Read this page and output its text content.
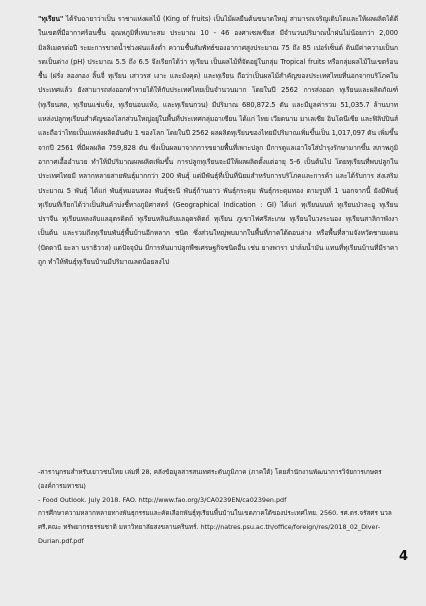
"ทุเรียน" ได้รับฉายาว่าเป็น ราชาแห่งผลไม้ (King of fruits) เป็นไม้ผลยืนต้นขนาดใหญ่ สามารถเจริญเติบโตและให้ผลผลิตได้ดีในเขตที่มีอากาศร้อนชื้น อุณหภูมิที่เหมาะสม ประมาณ 10 - 46 องศาเซลเซียส มีจำนวนปริมาณน้ำฝนไม่น้อยกว่า 2,000 มิลลิเมตรต่อปี ระยะการขาดน้ำช่วงฝนแล้งต่ำ ความชื้นสัมพัทธ์ของอากาศสูงประมาณ 75 ถึง 85 เปอร์เซ็นต์ ดินมีค่าความเป็นกรดเป็นด่าง (pH) ประมาณ 5.5 ถึง 6.5 จึงเรียกได้ว่า ทุเรียน เป็นผลไม้ที่จัดอยู่ในกลุ่ม Tropical fruits หรือกลุ่มผลไม้ในเขตร้อนชื้น (ฝรั่ง ลองกอง ลิ้นจี่ ทุเรียน เสาวรส เงาะ และมังคุด) และทุเรียน ถือว่าเป็นผลไม้สำคัญของประเทศไทยที่นอกจากบริโภคใน ประเทศแล้ว ยังสามารถส่งออกทำรายได้ให้กับประเทศไทยเป็นจำนวนมาก โดยในปี 2562 การส่งออก ทุเรียนและผลิตภัณฑ์ (ทุเรียนสด, ทุเรียนแช่แข็ง, ทุเรียนอบแห้ง, และทุเรียนกวน) มีปริมาณ 680,872.5 ตัน และมีมูลค่ารวม 51,035.7 ล้านบาท แหล่งปลูกทุเรียนสำคัญของโลกส่วนใหญ่อยู่ในพื้นที่ประเทศกลุ่มอาเซียน ได้แก่ ไทย เวียดนาม มาเลเซีย อินโดนีเซีย และฟิลิปปินส์ และถือว่าไทยเป็นแหล่งผลิตอันดับ 1 ของโลก โดยในปี 2562 ผลผลิตทุเรียนของไทยมีปริมาณเพิ่มขึ้นเป็น 1,017,097 ตัน เพิ่มขึ้นจากปี 2561 ที่มีผลผลิต 759,828 ตัน ซึ่งเป็นผลมาจากการขยายพื้นที่เพาะปลูก มีการดูแลเอาใจใส่บำรุงรักษามากขึ้น สภาพภูมิอากาศเอื้ออำนวย ทำให้มีปริมาณผลผลิตเพิ่มขึ้น การปลูกทุเรียนจะมีให้ผลผลิตตั้งแต่อายุ 5-6 เป็นต้นไป โดยทุเรียนที่พบปลูกในประเทศไทยมี หลากหลายสายพันธุ์มากกว่า 200 พันธุ์ แต่มีพันธุ์ที่เป็นที่นิยมสำหรับการบริโภคและการค้า และได้รับการ ส่งเสริมประมาณ 5 พันธุ์ ได้แก่ พันธุ์หมอนทอง พันธุ์ชะนี พันธุ์ก้านยาว พันธุ์กระดุม พันธุ์กระดุมทอง ตามรูปที่ 1 นอกจากนี้ ยังมีพันธุ์ทุเรียนที่เรียกได้ว่าเป็นสินค้าบ่งชี้ทางภูมิศาสตร์ (Geographical Indication : GI) ได้แก่ ทุเรียนนนท์ ทุเรียนป่าละอู ทุเรียนปราจีน ทุเรียนหลงลับแลอุตรดิตถ์ ทุเรียนหลินลับแลอุตรดิตถ์ ทุเรียน ภูเขาไฟศรีสะเกษ ทุเรียนในวงระนอง ทุเรียนสาลิกาพังงา เป็นต้น และรวมถึงทุเรียนพันธุ์พื้นบ้านอีกหลาก ชนิด ซึ่งส่วนใหญ่พบมากในพื้นที่ภาคใต้ตอนล่าง หรือพื้นที่สามจังหวัดชายแดน (ปัตตานี ยะลา นราธิวาส) แต่ปัจจุบัน มีการหันมาปลูกพืชเศรษฐกิจชนิดอื่น เช่น ยางพารา ปาล์มน้ำมัน แทนที่ทุเรียนบ้านที่มีราคาถูก ทำให้พันธุ์ทุเรียนบ้านมีปริมาณลดน้อยลงไป

-สารานุกรมสำหรับเยาวชนไทย เล่มที่ 28, คลังข้อมูลสารสนเทศระดับภูมิภาค (ภาคใต้) โดยสำนักงานพัฒนาการวิจัยการเกษตร (องค์การมหาชน)

- Food Outlook. July 2018. FAO. http://www.fao.org/3/CA0239EN/ca0239en.pdf

การศึกษาความหลากหลายทางพันธุกรรมและคัดเลือกพันธุ์ทุเรียนพื้นบ้านในเขตภาคใต้ของประเทศไทย. 2560. รศ.ดร.จรัสศร นวลศรี,คณะ ทรัพยากรธรรมชาติ มหาวิทยาลัยสงขลานครินทร์. http://natres.psu.ac.th/office/foreign/res/2018_02_Diver-Durian.pdf.pdf

4
